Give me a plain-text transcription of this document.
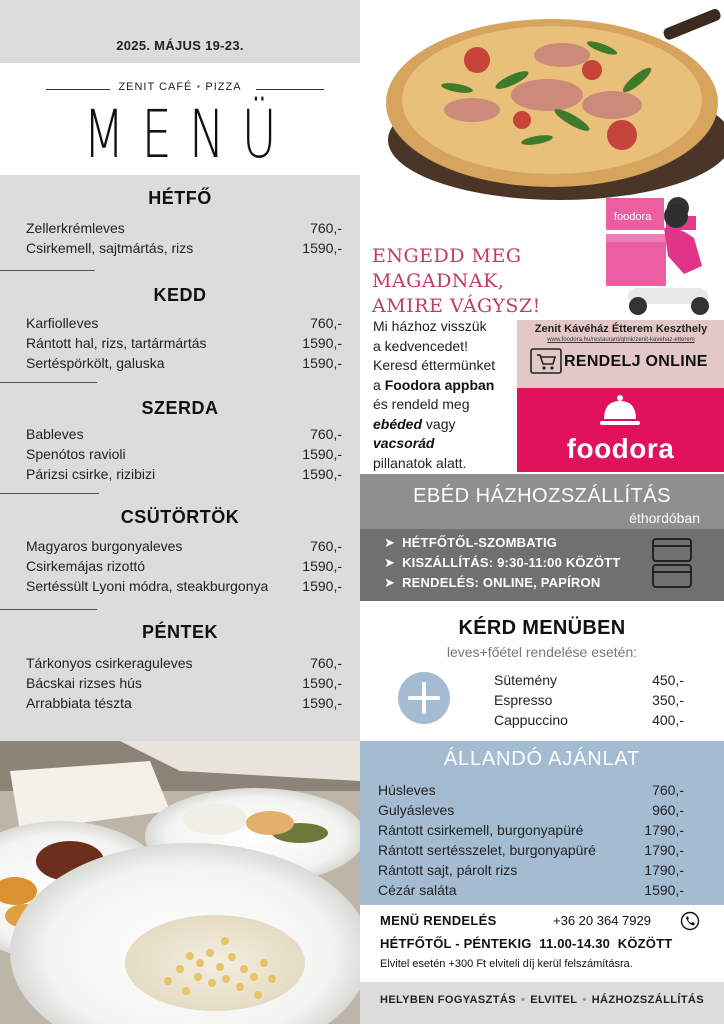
2025. MÁJUS 19-23.
ZENIT CAFÉ • PIZZA
MENÜ
HÉTFŐ
Zellerkrémleves	760,-
Csirkemell, sajtmártás, rizs	1590,-
KEDD
Karfiolleves	760,-
Rántott hal, rizs, tartármártás	1590,-
Sertéspörkölt, galuska	1590,-
SZERDA
Bableves	760,-
Spenótos ravioli	1590,-
Párizsi csirke, rizibizi	1590,-
CSÜTÖRTÖK
Magyaros burgonyaleves	760,-
Csirkemájas rizottó	1590,-
Sertéssült Lyoni módra, steakburgonya 1590,-
PÉNTEK
Tárkonyos csirkeraguleves	760,-
Bácskai rizses hús	1590,-
Arrabbiata tészta	1590,-
foodora
ENGEDD MEG MAGADNAK,
AMIRE VÁGYSZ!
Mi házhoz visszük
a kedvencedet!
Keresd éttermünket
a Foodora appban
és rendeld meg
ebéded vagy
vacsorád
pillanatok alatt.
Zenit Kávéház Étterem Keszthely
www.foodora.hu/restaurant/qhnk/zenit-kavehaz-etterem
RENDELJ ONLINE
foodora
EBÉD HÁZHOZSZÁLLÍTÁS
éthordóban
➤ HÉTFŐTŐL-SZOMBATIG
➤ KISZÁLLÍTÁS: 9:30-11:00 KÖZÖTT
➤ RENDELÉS: ONLINE, PAPÍRON
KÉRD MENÜBEN
leves+főétel rendelése esetén:
Sütemény	450,-
Espresso	350,-
Cappuccino	400,-
ÁLLANDÓ AJÁNLAT
Húsleves	760,-
Gulyásleves	960,-
Rántott csirkemell, burgonyapüré	1790,-
Rántott sertésszelet, burgonyapüré	1790,-
Rántott sajt, párolt rizs	1790,-
Cézár saláta	1590,-
MENÜ RENDELÉS	+36 20 364 7929
HÉTFŐTŐL - PÉNTEKIG  11.00-14.30  KÖZÖTT
Elvitel esetén +300 Ft elviteli díj kerül felszámításra.
HELYBEN FOGYASZTÁS • ELVITEL • HÁZHOZSZÁLLÍTÁS
